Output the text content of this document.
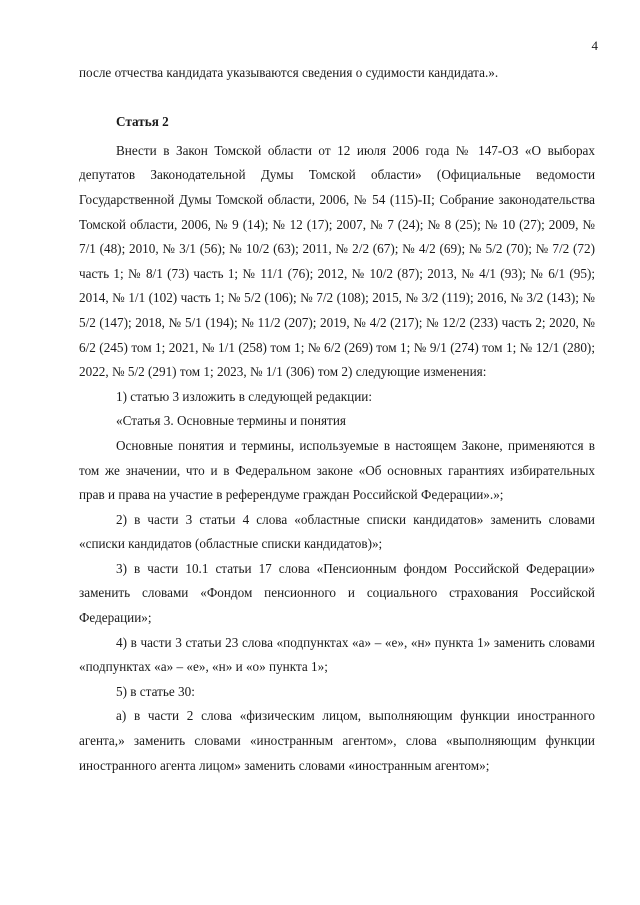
4

после отчества кандидата указываются сведения о судимости кандидата.».

Статья 2

Внести в Закон Томской области от 12 июля 2006 года № 147-ОЗ «О выборах депутатов Законодательной Думы Томской области» (Официальные ведомости Государственной Думы Томской области, 2006, № 54 (115)-II; Собрание законодательства Томской области, 2006, № 9 (14); № 12 (17); 2007, № 7 (24); № 8 (25); № 10 (27); 2009, № 7/1 (48); 2010, № 3/1 (56); № 10/2 (63); 2011, № 2/2 (67); № 4/2 (69); № 5/2 (70); № 7/2 (72) часть 1; № 8/1 (73) часть 1; № 11/1 (76); 2012, № 10/2 (87); 2013, № 4/1 (93); № 6/1 (95); 2014, № 1/1 (102) часть 1; № 5/2 (106); № 7/2 (108); 2015, № 3/2 (119); 2016, № 3/2 (143); № 5/2 (147); 2018, № 5/1 (194); № 11/2 (207); 2019, № 4/2 (217); № 12/2 (233) часть 2; 2020, № 6/2 (245) том 1; 2021, № 1/1 (258) том 1; № 6/2 (269) том 1; № 9/1 (274) том 1; № 12/1 (280); 2022, № 5/2 (291) том 1; 2023, № 1/1 (306) том 2) следующие изменения:

1) статью 3 изложить в следующей редакции:

«Статья 3. Основные термины и понятия

Основные понятия и термины, используемые в настоящем Законе, применяются в том же значении, что и в Федеральном законе «Об основных гарантиях избирательных прав и права на участие в референдуме граждан Российской Федерации».»;

2) в части 3 статьи 4 слова «областные списки кандидатов» заменить словами «списки кандидатов (областные списки кандидатов)»;

3) в части 10.1 статьи 17 слова «Пенсионным фондом Российской Федерации» заменить словами «Фондом пенсионного и социального страхования Российской Федерации»;

4) в части 3 статьи 23 слова «подпунктах «а» – «е», «н» пункта 1» заменить словами «подпунктах «а» – «е», «н» и «о» пункта 1»;

5) в статье 30:

а) в части 2 слова «физическим лицом, выполняющим функции иностранного агента,» заменить словами «иностранным агентом», слова «выполняющим функции иностранного агента лицом» заменить словами «иностранным агентом»;
